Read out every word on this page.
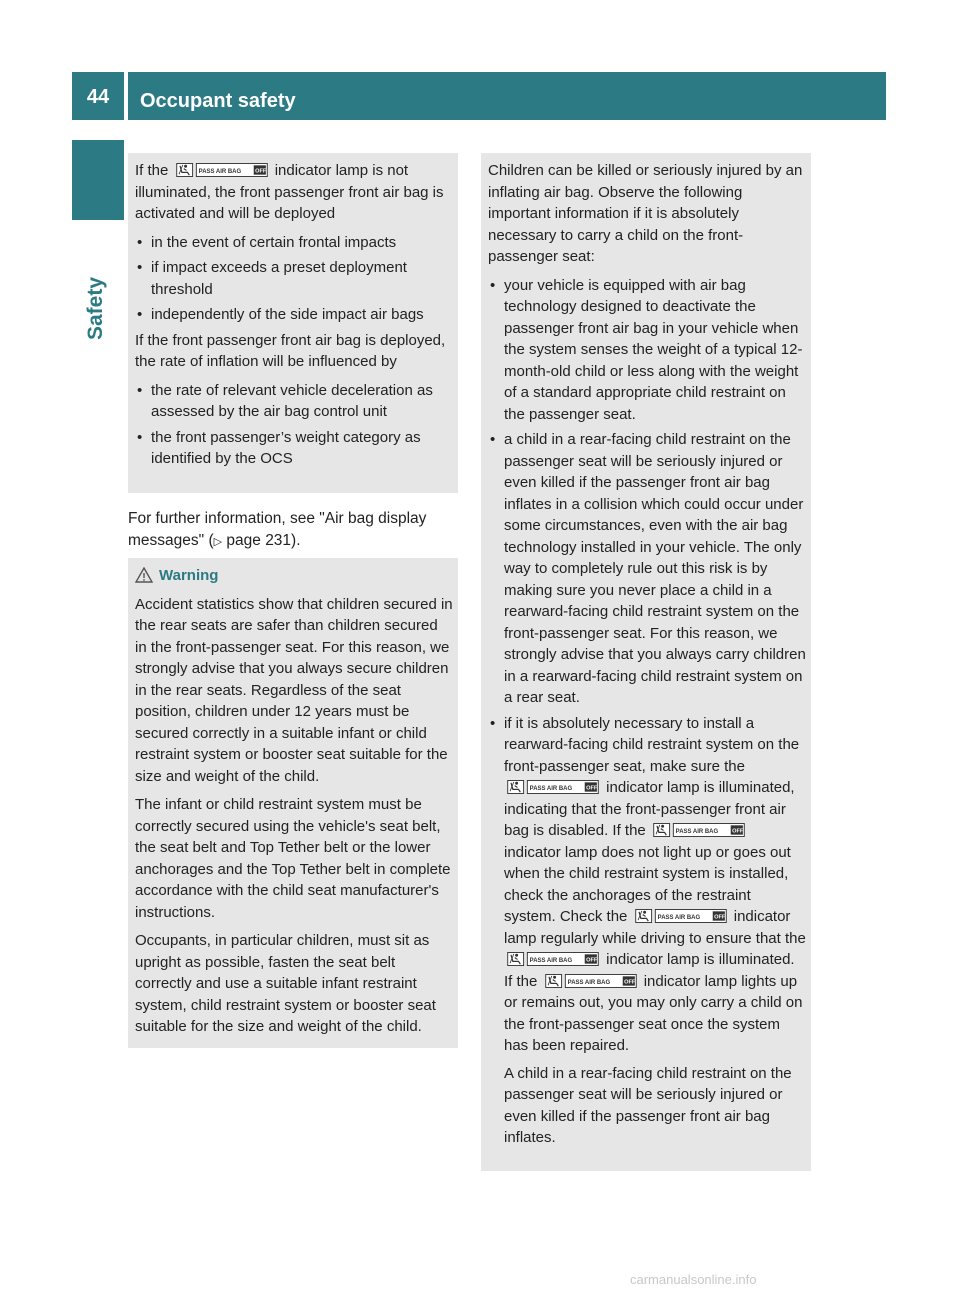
44	Occupant safety
Safety
If the	PASS AIR BAG OFF indicator lamp is not illuminated, the front passenger front air bag is activated and will be deployed
• in the event of certain frontal impacts
• if impact exceeds a preset deployment threshold
• independently of the side impact air bags
If the front passenger front air bag is deployed, the rate of inflation will be influenced by
• the rate of relevant vehicle deceleration as assessed by the air bag control unit
• the front passenger’s weight category as identified by the OCS
For further information, see "Air bag display messages" (▷ page 231).
Warning
Accident statistics show that children secured in the rear seats are safer than children secured in the front-passenger seat. For this reason, we strongly advise that you always secure children in the rear seats. Regardless of the seat position, children under 12 years must be secured correctly in a suitable infant or child restraint system or booster seat suitable for the size and weight of the child.
The infant or child restraint system must be correctly secured using the vehicle's seat belt, the seat belt and Top Tether belt or the lower anchorages and the Top Tether belt in complete accordance with the child seat manufacturer's instructions.
Occupants, in particular children, must sit as upright as possible, fasten the seat belt correctly and use a suitable infant restraint system, child restraint system or booster seat suitable for the size and weight of the child.
Children can be killed or seriously injured by an inflating air bag. Observe the following important information if it is absolutely necessary to carry a child on the front-passenger seat:
• your vehicle is equipped with air bag technology designed to deactivate the passenger front air bag in your vehicle when the system senses the weight of a typical 12-month-old child or less along with the weight of a standard appropriate child restraint on the passenger seat.
• a child in a rear-facing child restraint on the passenger seat will be seriously injured or even killed if the passenger front air bag inflates in a collision which could occur under some circumstances, even with the air bag technology installed in your vehicle. The only way to completely rule out this risk is by making sure you never place a child in a rearward-facing child restraint system on the front-passenger seat. For this reason, we strongly advise that you always carry children in a rearward-facing child restraint system on a rear seat.
• if it is absolutely necessary to install a rearward-facing child restraint system on the front-passenger seat, make sure the
PASS AIR BAG OFF indicator lamp is illuminated, indicating that the front-passenger front air bag is disabled. If the	PASS AIR BAG OFF
indicator lamp does not light up or goes out when the child restraint system is installed, check the anchorages of the restraint system. Check the	PASS AIR BAG OFF indicator lamp regularly while driving to ensure that the
PASS AIR BAG OFF indicator lamp is illuminated. If the	PASS AIR BAG OFF indicator lamp lights up or remains out, you may only carry a child on the front-passenger seat once the system has been repaired.
A child in a rear-facing child restraint on the passenger seat will be seriously injured or even killed if the passenger front air bag inflates.
carmanualsonline.info
